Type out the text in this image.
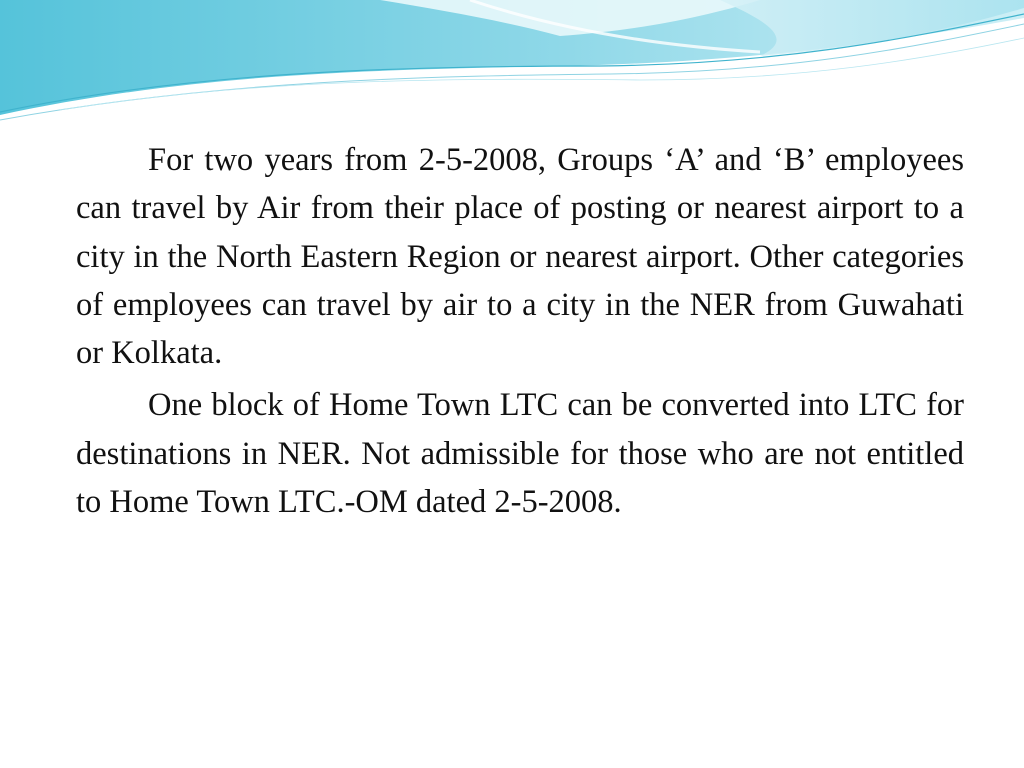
For two years from 2-5-2008, Groups ‘A’ and ‘B’ employees can travel by Air from their place of posting or nearest airport to a city in the North Eastern Region or nearest airport. Other categories of employees can travel by air to a city in the NER from Guwahati or Kolkata.

One block of Home Town LTC can be converted into LTC for destinations in NER. Not admissible for those who are not entitled to Home Town LTC.-OM dated 2-5-2008.
